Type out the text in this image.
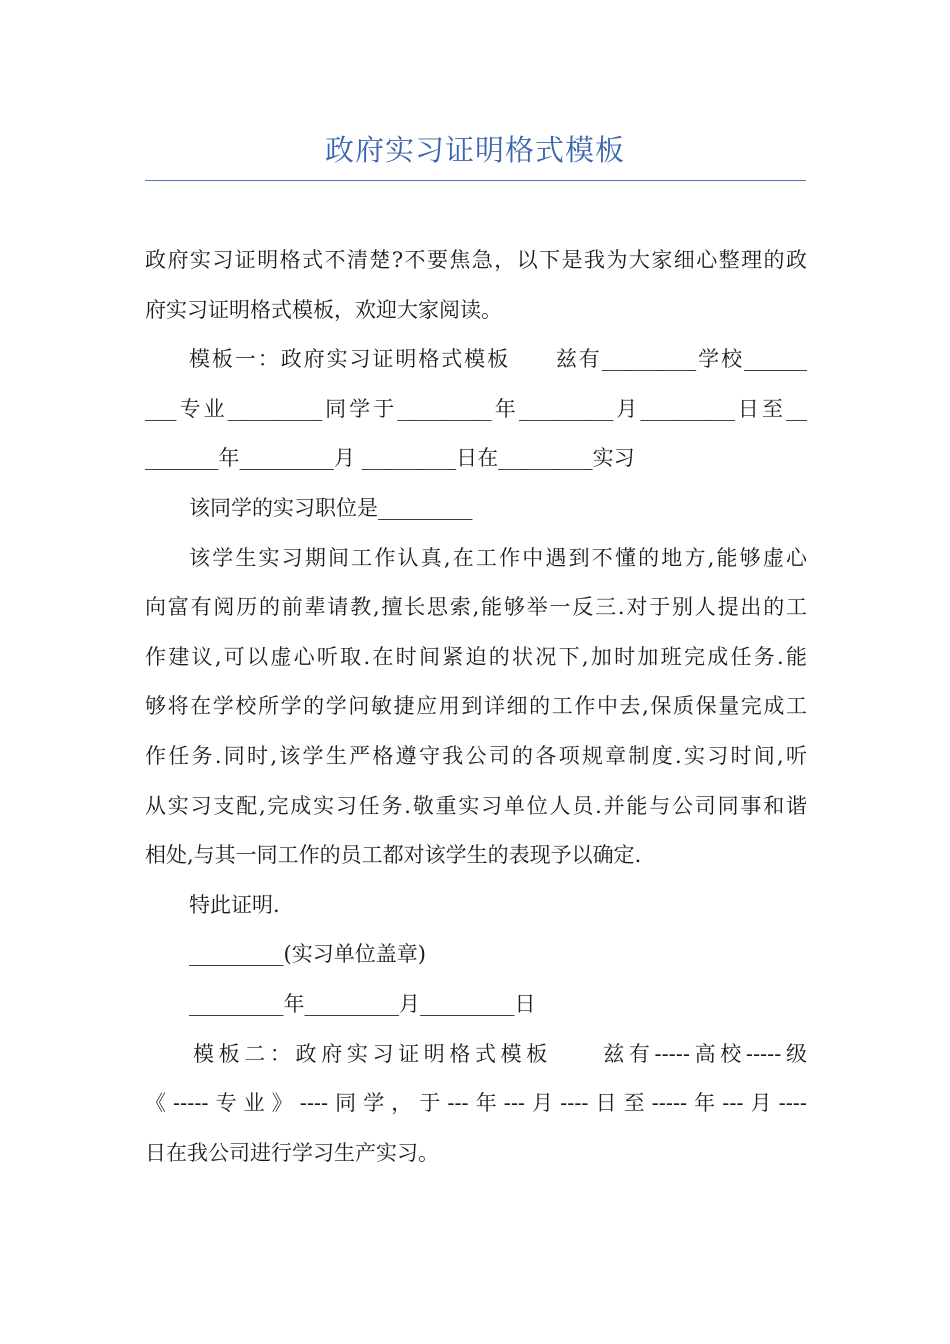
政府实习证明格式模板

政府实习证明格式不清楚?不要焦急，以下是我为大家细心整理的政

府实习证明格式模板，欢迎大家阅读。

模板一：政府实习证明格式模板　　兹有_________学校______

___专业_________同学于_________年_________月_________日至__

_______年_________月 _________日在_________实习

该同学的实习职位是_________

该学生实习期间工作认真,在工作中遇到不懂的地方,能够虚心

向富有阅历的前辈请教,擅长思索,能够举一反三.对于别人提出的工

作建议,可以虚心听取.在时间紧迫的状况下,加时加班完成任务.能

够将在学校所学的学问敏捷应用到详细的工作中去,保质保量完成工

作任务.同时,该学生严格遵守我公司的各项规章制度.实习时间,听

从实习支配,完成实习任务.敬重实习单位人员.并能与公司同事和谐

相处,与其一同工作的员工都对该学生的表现予以确定.

特此证明.

_________(实习单位盖章)

_________年_________月_________日

模板二：政府实习证明格式模板　　兹有-----高校-----级

《-----专业》----同学，于---年---月----日至-----年---月----

日在我公司进行学习生产实习。
